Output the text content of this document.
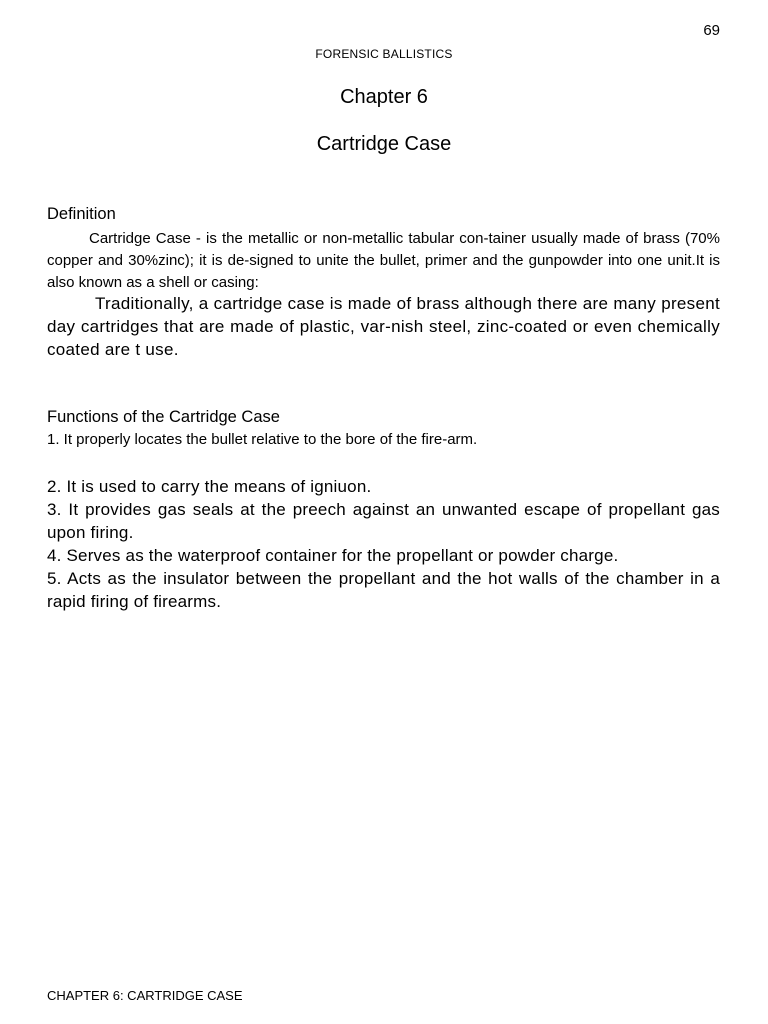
69
FORENSIC BALLISTICS
Chapter 6
Cartridge Case
Definition

Cartridge Case - is the metallic or non-metallic tabular con-tainer usually made of brass (70% copper and 30%zinc); it is de-signed to unite the bullet, primer and the gunpowder into one unit.It is also known as a shell or casing:

Traditionally, a cartridge case is made of brass although there are many present day cartridges that are made of plastic, var-nish steel, zinc-coated or even chemically coated are t use.

Functions of the Cartridge Case
1. It properly locates the bullet relative to the bore of the fire-arm.

2. It is used to carry the means of igniuon.

3. It provides gas seals at the preech against an unwanted escape of propellant gas upon firing.

4. Serves as the waterproof container for the propellant or powder charge.

5. Acts as the insulator between the propellant and the hot walls of the chamber in a rapid firing of firearms.

CHAPTER 6: CARTRIDGE CASE
